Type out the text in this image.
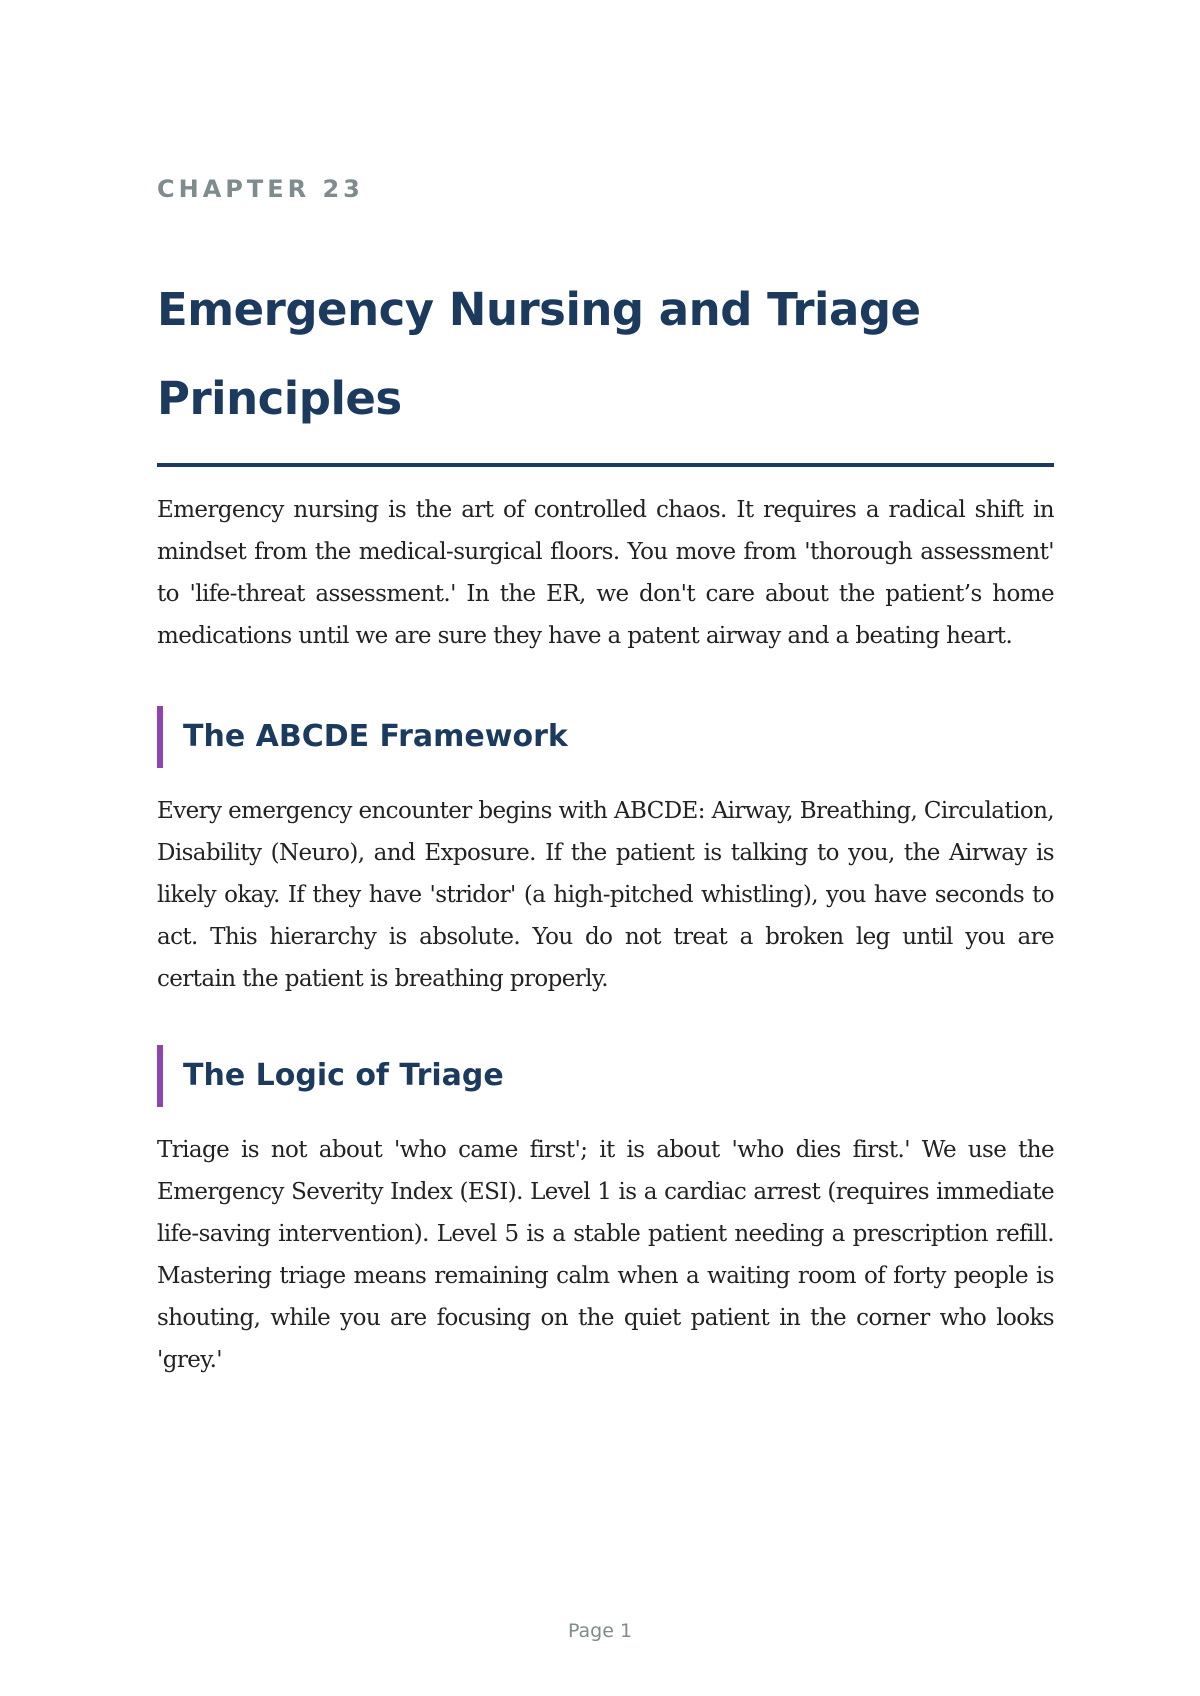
CHAPTER 23

Emergency Nursing and Triage Principles

Emergency nursing is the art of controlled chaos. It requires a radical shift in mindset from the medical-surgical floors. You move from 'thorough assessment' to 'life-threat assessment.' In the ER, we don't care about the patient’s home medications until we are sure they have a patent airway and a beating heart.

The ABCDE Framework

Every emergency encounter begins with ABCDE: Airway, Breathing, Circulation, Disability (Neuro), and Exposure. If the patient is talking to you, the Airway is likely okay. If they have 'stridor' (a high-pitched whistling), you have seconds to act. This hierarchy is absolute. You do not treat a broken leg until you are certain the patient is breathing properly.

The Logic of Triage

Triage is not about 'who came first'; it is about 'who dies first.' We use the Emergency Severity Index (ESI). Level 1 is a cardiac arrest (requires immediate life-saving intervention). Level 5 is a stable patient needing a prescription refill. Mastering triage means remaining calm when a waiting room of forty people is shouting, while you are focusing on the quiet patient in the corner who looks 'grey.'

Page 1
